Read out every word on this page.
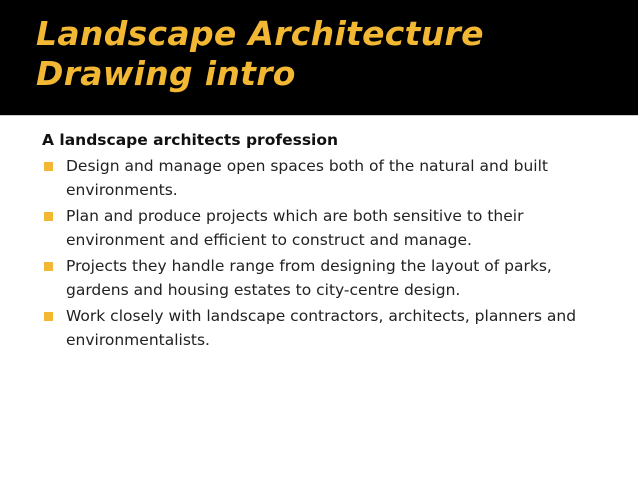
Landscape Architecture Drawing intro

A landscape architects profession

Design and manage open spaces both of the natural and built environments.
Plan and produce projects which are both sensitive to their environment and efficient to construct and manage.
Projects they handle range from designing the layout of parks, gardens and housing estates to city-centre design.
Work closely with landscape contractors, architects, planners and environmentalists.
